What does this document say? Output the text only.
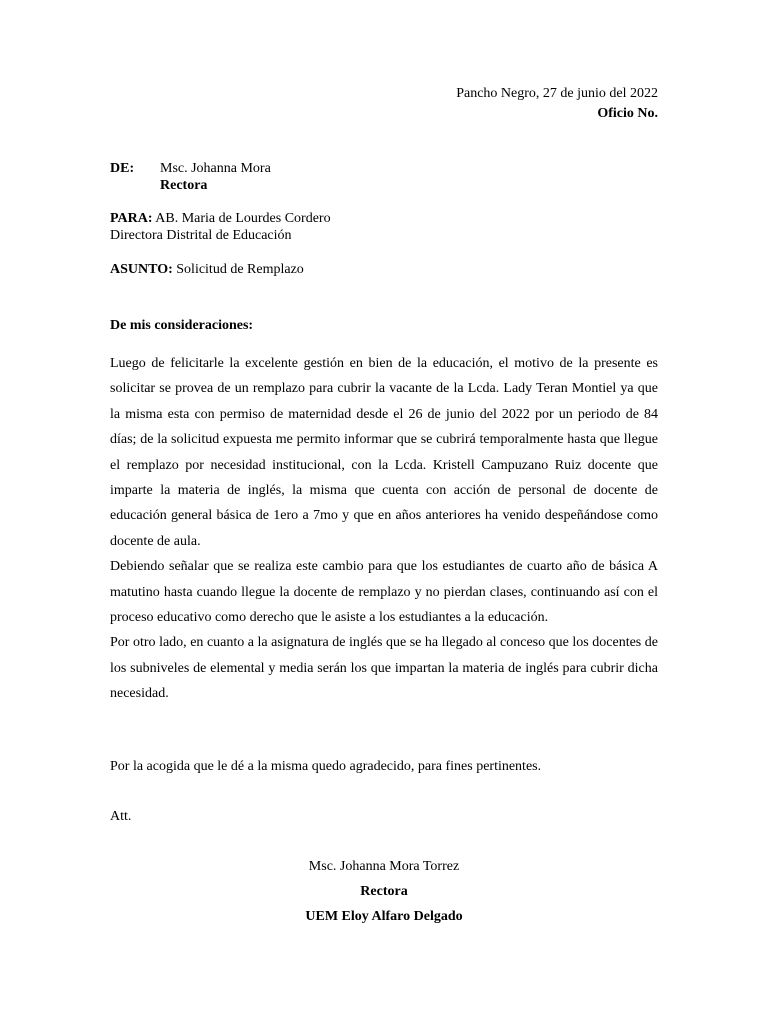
Pancho Negro, 27 de junio del 2022
Oficio No.
DE: Msc. Johanna Mora
Rectora
PARA: AB. Maria de Lourdes Cordero
Directora Distrital de Educación
ASUNTO: Solicitud de Remplazo
De mis consideraciones:

Luego de felicitarle la excelente gestión en bien de la educación, el motivo de la presente es solicitar se provea de un remplazo para cubrir la vacante de la Lcda. Lady Teran Montiel ya que la misma esta con permiso de maternidad desde el 26 de junio del 2022 por un periodo de 84 días; de la solicitud expuesta me permito informar que se cubrirá temporalmente hasta que llegue el remplazo por necesidad institucional, con la Lcda. Kristell Campuzano Ruiz docente que imparte la materia de inglés, la misma que cuenta con acción de personal de docente de educación general básica de 1ero a 7mo y que en años anteriores ha venido despeñándose como docente de aula.

Debiendo señalar que se realiza este cambio para que los estudiantes de cuarto año de básica A matutino hasta cuando llegue la docente de remplazo y no pierdan clases, continuando así con el proceso educativo como derecho que le asiste a los estudiantes a la educación.

Por otro lado, en cuanto a la asignatura de inglés que se ha llegado al conceso que los docentes de los subniveles de elemental y media serán los que impartan la materia de inglés para cubrir dicha necesidad.

Por la acogida que le dé a la misma quedo agradecido, para fines pertinentes.
Att.
Msc. Johanna Mora Torrez
Rectora
UEM Eloy Alfaro Delgado
